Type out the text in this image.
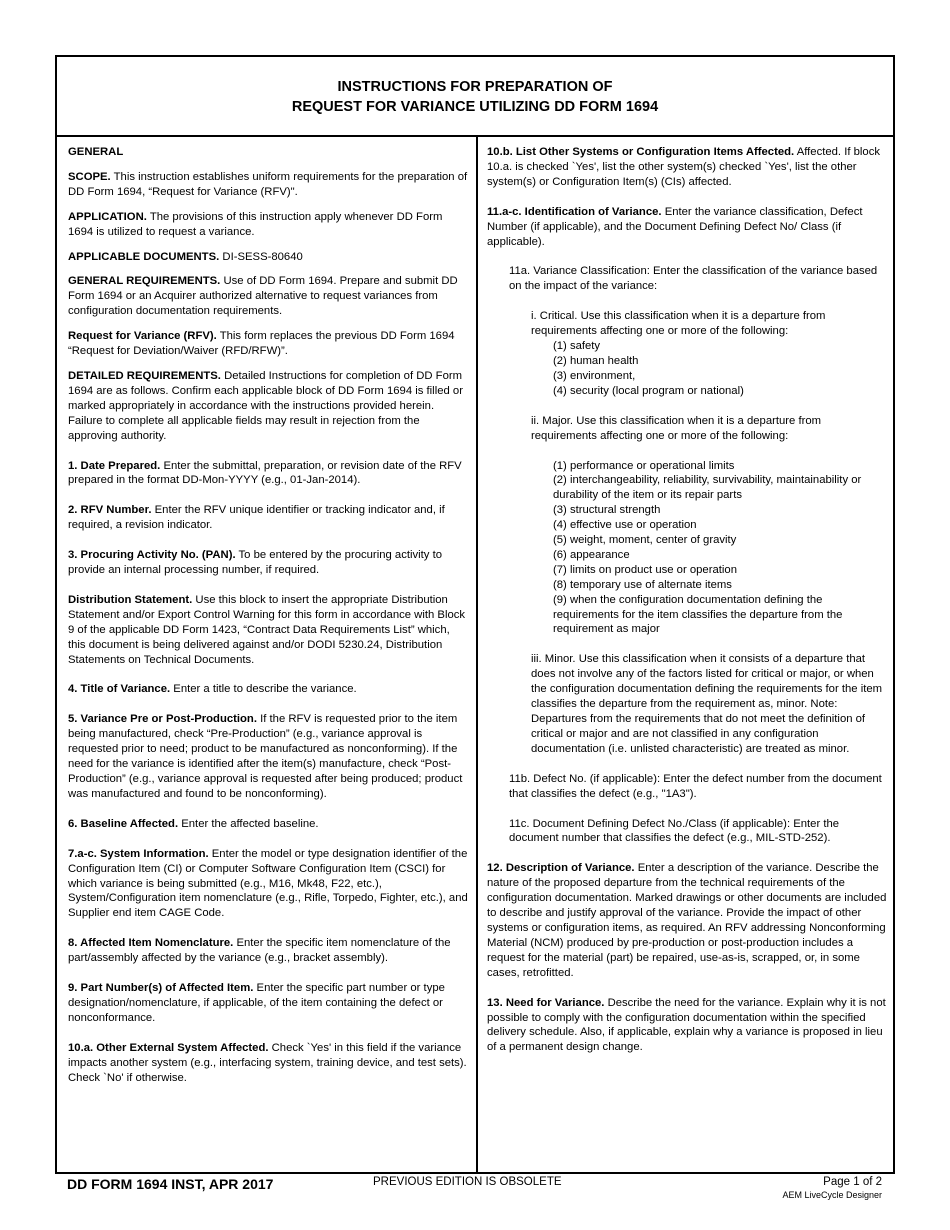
INSTRUCTIONS FOR PREPARATION OF
REQUEST FOR VARIANCE UTILIZING DD FORM 1694

GENERAL

SCOPE. This instruction establishes uniform requirements for the preparation of DD Form 1694, “Request for Variance (RFV)".

APPLICATION. The provisions of this instruction apply whenever DD Form 1694 is utilized to request a variance.

APPLICABLE DOCUMENTS. DI-SESS-80640

GENERAL REQUIREMENTS. Use of DD Form 1694. Prepare and submit DD Form 1694 or an Acquirer authorized alternative to request variances from configuration documentation requirements.

Request for Variance (RFV). This form replaces the previous DD Form 1694 “Request for Deviation/Waiver (RFD/RFW)”.

DETAILED REQUIREMENTS. Detailed Instructions for completion of DD Form 1694 are as follows. Confirm each applicable block of DD Form 1694 is filled or marked appropriately in accordance with the instructions provided herein. Failure to complete all applicable fields may result in rejection from the approving authority.

1. Date Prepared. Enter the submittal, preparation, or revision date of the RFV prepared in the format DD-Mon-YYYY (e.g., 01-Jan-2014).

2. RFV Number. Enter the RFV unique identifier or tracking indicator and, if required, a revision indicator.

3. Procuring Activity No. (PAN). To be entered by the procuring activity to provide an internal processing number, if required.

Distribution Statement. Use this block to insert the appropriate Distribution Statement and/or Export Control Warning for this form in accordance with Block 9 of the applicable DD Form 1423, “Contract Data Requirements List” which, this document is being delivered against and/or DODI 5230.24, Distribution Statements on Technical Documents.

4. Title of Variance. Enter a title to describe the variance.

5. Variance Pre or Post-Production. If the RFV is requested prior to the item being manufactured, check “Pre-Production” (e.g., variance approval is requested prior to need; product to be manufactured as nonconforming). If the need for the variance is identified after the item(s) manufacture, check “Post-Production” (e.g., variance approval is requested after being produced; product was manufactured and found to be nonconforming).

6. Baseline Affected. Enter the affected baseline.

7.a-c. System Information. Enter the model or type designation identifier of the Configuration Item (CI) or Computer Software Configuration Item (CSCI) for which variance is being submitted (e.g., M16, Mk48, F22, etc.), System/Configuration item nomenclature (e.g., Rifle, Torpedo, Fighter, etc.), and Supplier end item CAGE Code.

8. Affected Item Nomenclature. Enter the specific item nomenclature of the part/assembly affected by the variance (e.g., bracket assembly).

9. Part Number(s) of Affected Item. Enter the specific part number or type designation/nomenclature, if applicable, of the item containing the defect or nonconformance.

10.a. Other External System Affected. Check `Yes' in this field if the variance impacts another system (e.g., interfacing system, training device, and test sets). Check `No' if otherwise.

10.b. List Other Systems or Configuration Items Affected. Affected. If block 10.a. is checked `Yes', list the other system(s) checked `Yes', list the other system(s) or Configuration Item(s) (CIs) affected.

11.a-c. Identification of Variance. Enter the variance classification, Defect Number (if applicable), and the Document Defining Defect No/ Class (if applicable).

11a. Variance Classification: Enter the classification of the variance based on the impact of the variance:

i. Critical. Use this classification when it is a departure from requirements affecting one or more of the following:

(1) safety
(2) human health
(3) environment,
(4) security (local program or national)

ii. Major. Use this classification when it is a departure from requirements affecting one or more of the following:

(1) performance or operational limits
(2) interchangeability, reliability, survivability, maintainability or durability of the item or its repair parts
(3) structural strength
(4) effective use or operation
(5) weight, moment, center of gravity
(6) appearance
(7) limits on product use or operation
(8) temporary use of alternate items
(9) when the configuration documentation defining the requirements for the item classifies the departure from the requirement as major

iii. Minor. Use this classification when it consists of a departure that does not involve any of the factors listed for critical or major, or when the configuration documentation defining the requirements for the item classifies the departure from the requirement as, minor. Note: Departures from the requirements that do not meet the definition of critical or major and are not classified in any configuration documentation (i.e. unlisted characteristic) are treated as minor.

11b. Defect No. (if applicable): Enter the defect number from the document that classifies the defect (e.g., "1A3").

11c. Document Defining Defect No./Class (if applicable): Enter the document number that classifies the defect (e.g., MIL-STD-252).

12. Description of Variance. Enter a description of the variance. Describe the nature of the proposed departure from the technical requirements of the configuration documentation. Marked drawings or other documents are included to describe and justify approval of the variance. Provide the impact of other systems or configuration items, as required. An RFV addressing Nonconforming Material (NCM) produced by pre-production or post-production includes a request for the material (part) be repaired, use-as-is, scrapped, or, in some cases, retrofitted.

13. Need for Variance. Describe the need for the variance. Explain why it is not possible to comply with the configuration documentation within the specified delivery schedule. Also, if applicable, explain why a variance is proposed in lieu of a permanent design change.

DD FORM 1694 INST, APR 2017	PREVIOUS EDITION IS OBSOLETE	Page 1 of 2
AEM LiveCycle Designer
